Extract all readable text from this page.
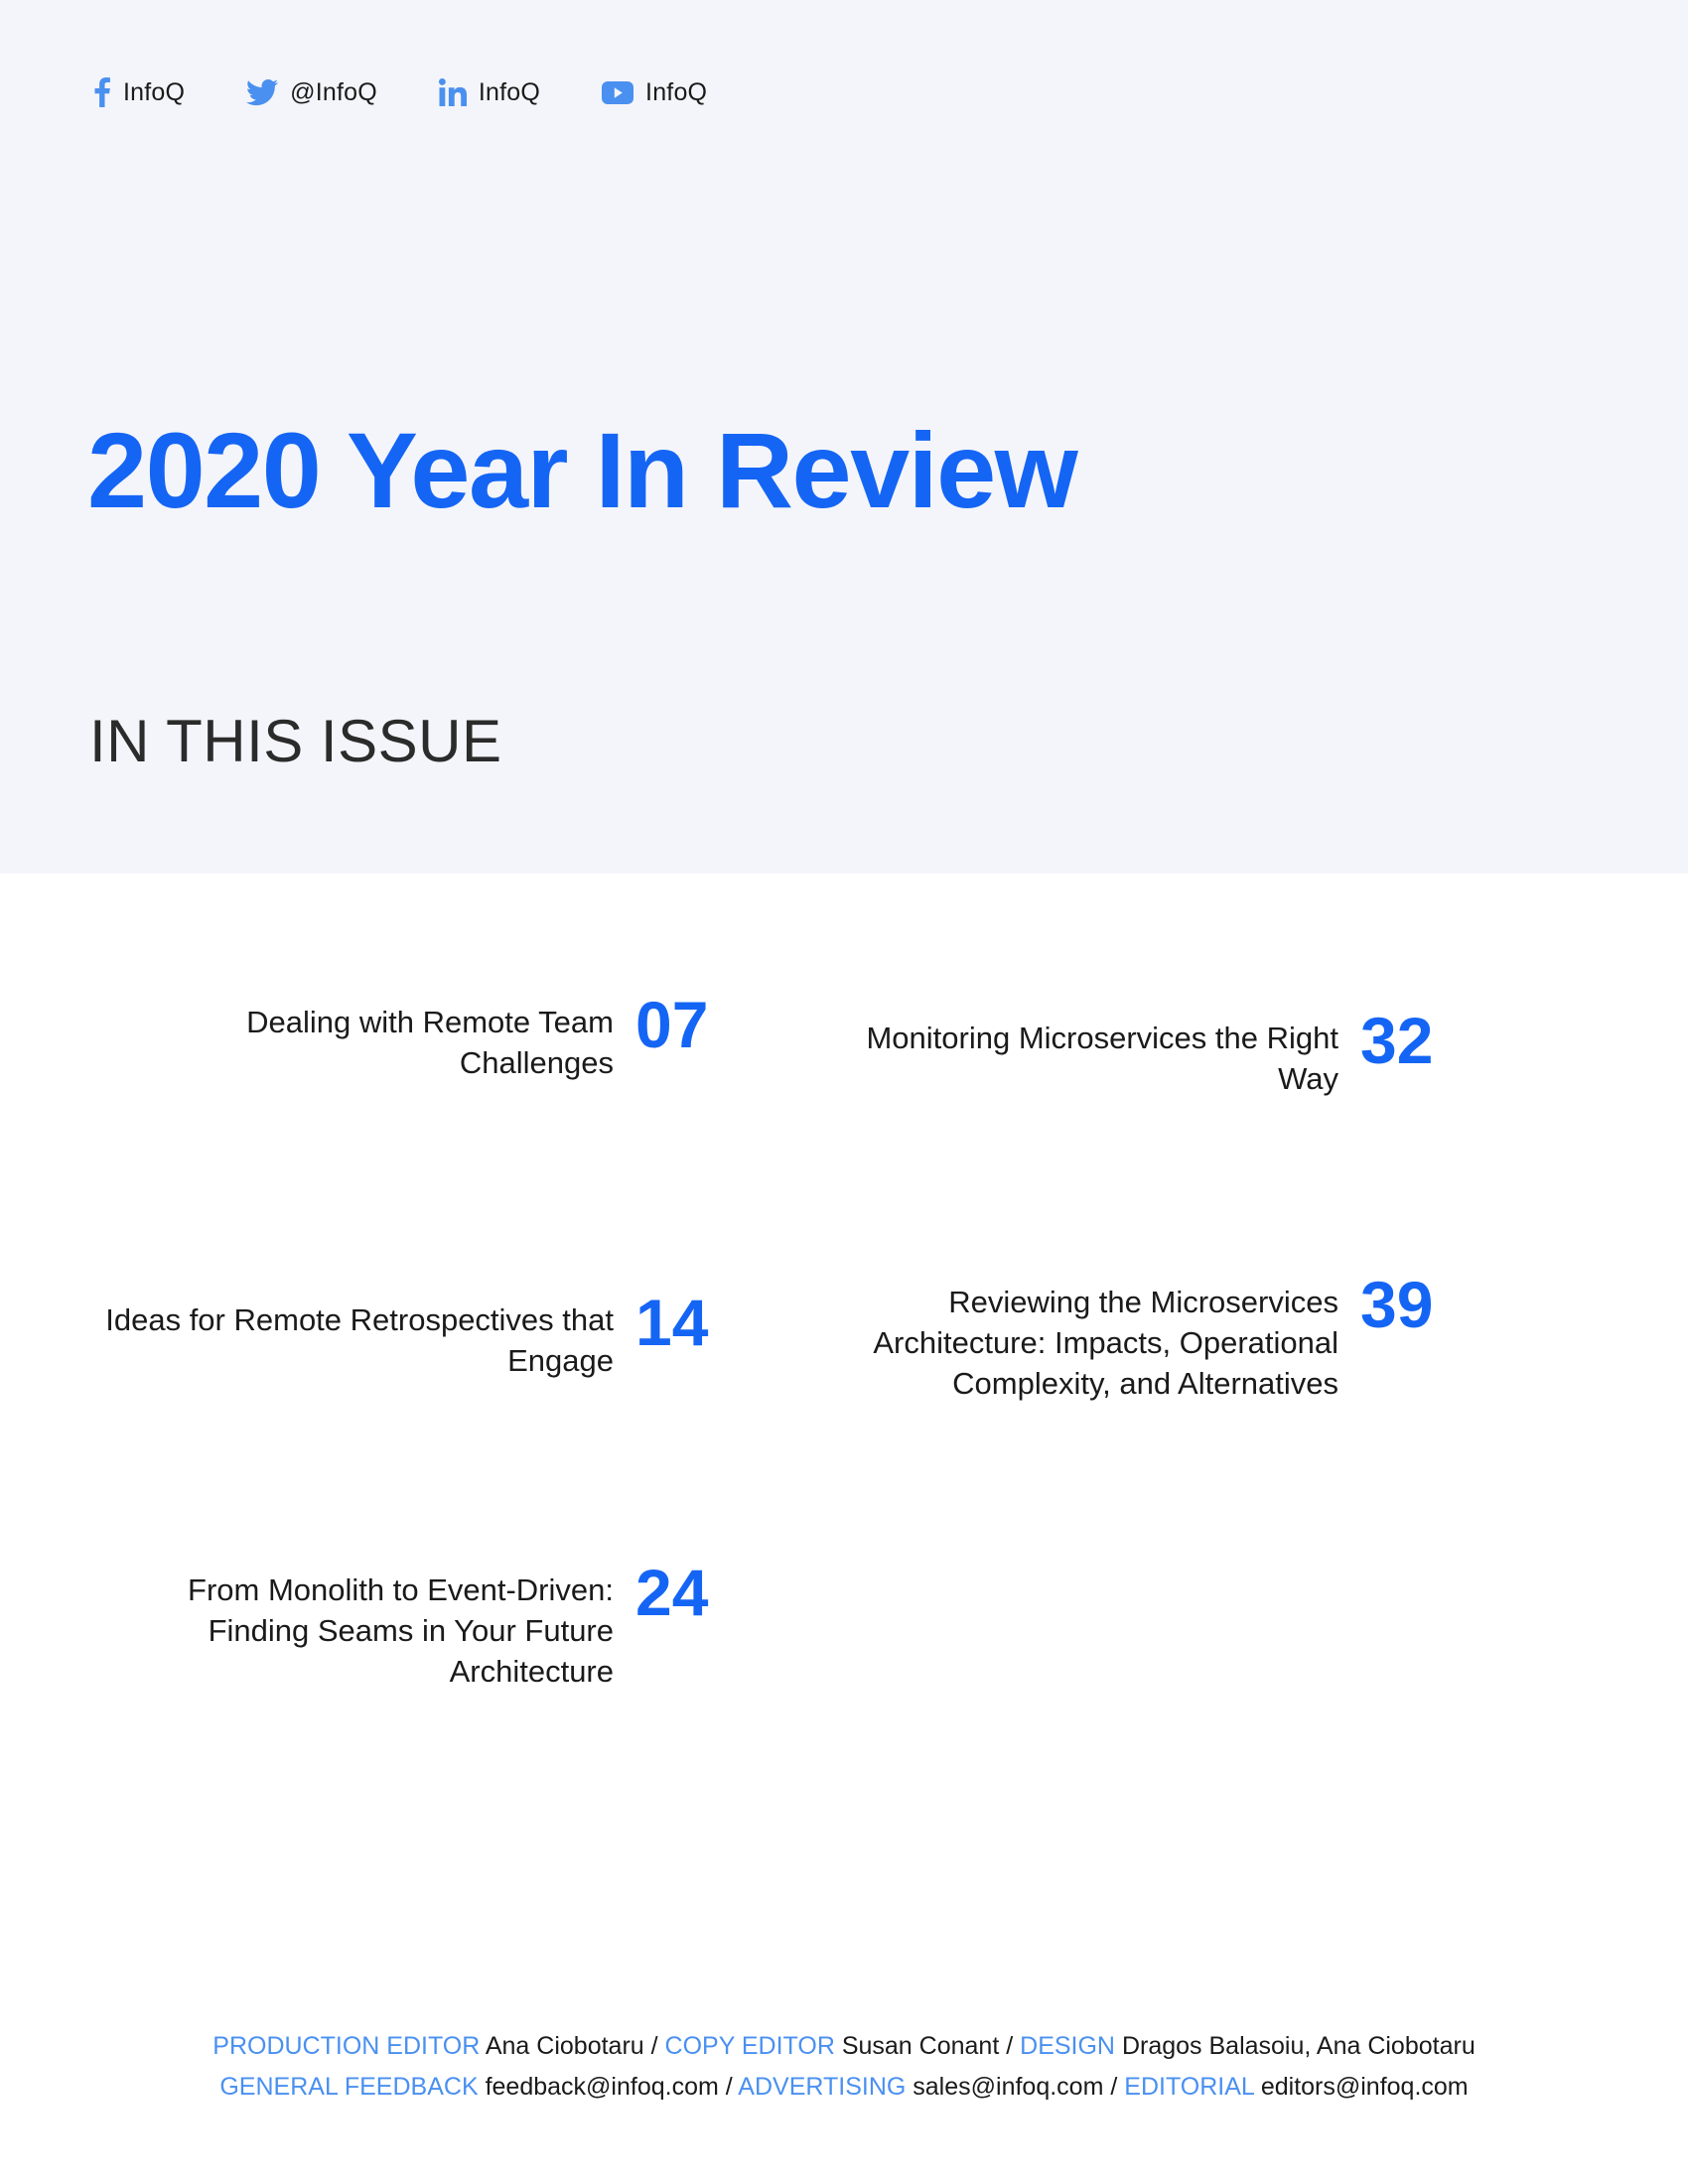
InfoQ	@InfoQ	InfoQ	InfoQ
2020 Year In Review
IN THIS ISSUE
Dealing with Remote Team Challenges
07
Ideas for Remote Retrospectives that Engage
14
From Monolith to Event-Driven: Finding Seams in Your Future Architecture
24
Monitoring Microservices the Right Way
32
Reviewing the Microservices Architecture: Impacts, Operational Complexity, and Alternatives
39
PRODUCTION EDITOR Ana Ciobotaru / COPY EDITOR Susan Conant / DESIGN Dragos Balasoiu, Ana Ciobotaru
GENERAL FEEDBACK feedback@infoq.com / ADVERTISING sales@infoq.com / EDITORIAL editors@infoq.com
